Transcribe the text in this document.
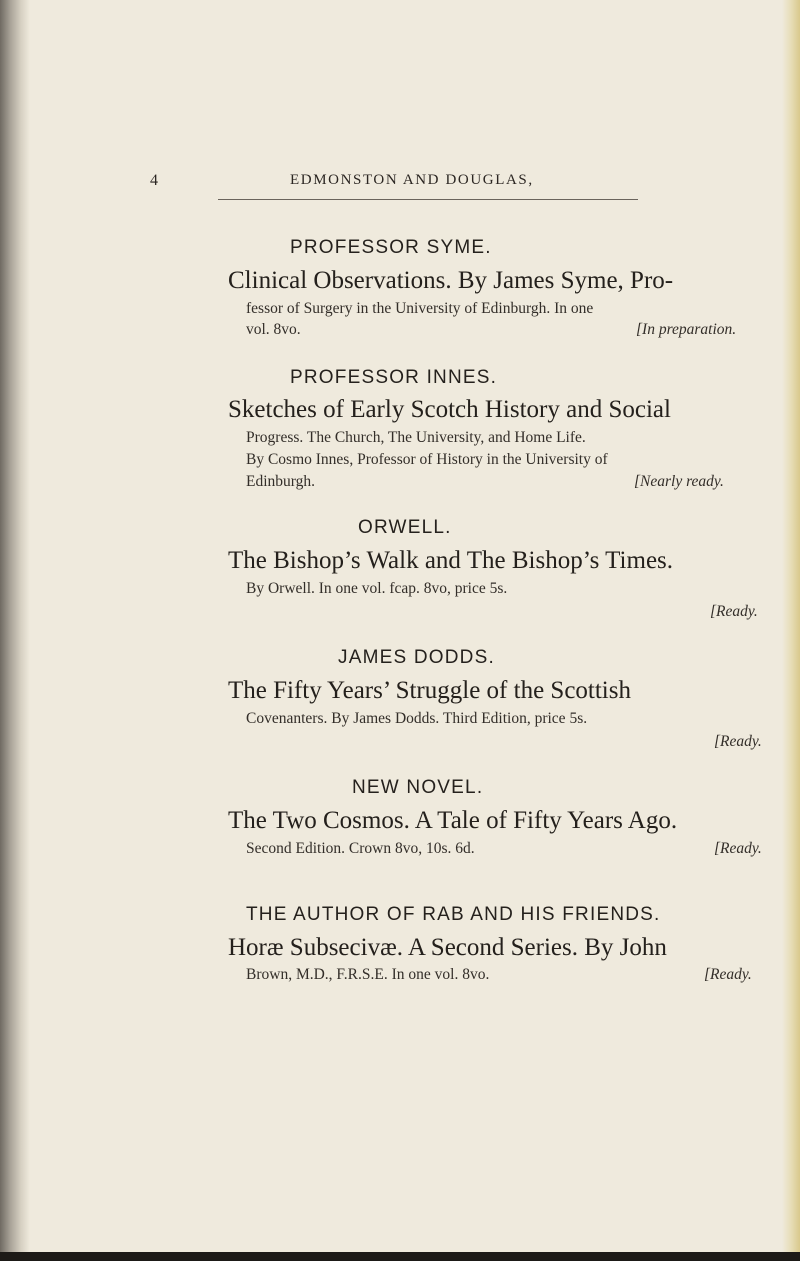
4	EDMONSTON AND DOUGLAS,
PROFESSOR SYME.
Clinical Observations. By James Syme, Pro-
fessor of Surgery in the University of Edinburgh. In one
vol. 8vo.	[In preparation.
PROFESSOR INNES.
Sketches of Early Scotch History and Social
Progress. The Church, The University, and Home Life.
By Cosmo Innes, Professor of History in the University of
Edinburgh.	[Nearly ready.
ORWELL.
The Bishop’s Walk and The Bishop’s Times.
By Orwell. In one vol. fcap. 8vo, price 5s.
[Ready.
JAMES DODDS.
The Fifty Years’ Struggle of the Scottish
Covenanters. By James Dodds. Third Edition, price 5s.
[Ready.
NEW NOVEL.
The Two Cosmos. A Tale of Fifty Years Ago.
Second Edition. Crown 8vo, 10s. 6d.	[Ready.
THE AUTHOR OF RAB AND HIS FRIENDS.
Horæ Subsecivæ. A Second Series. By John
Brown, M.D., F.R.S.E. In one vol. 8vo.	[Ready.
